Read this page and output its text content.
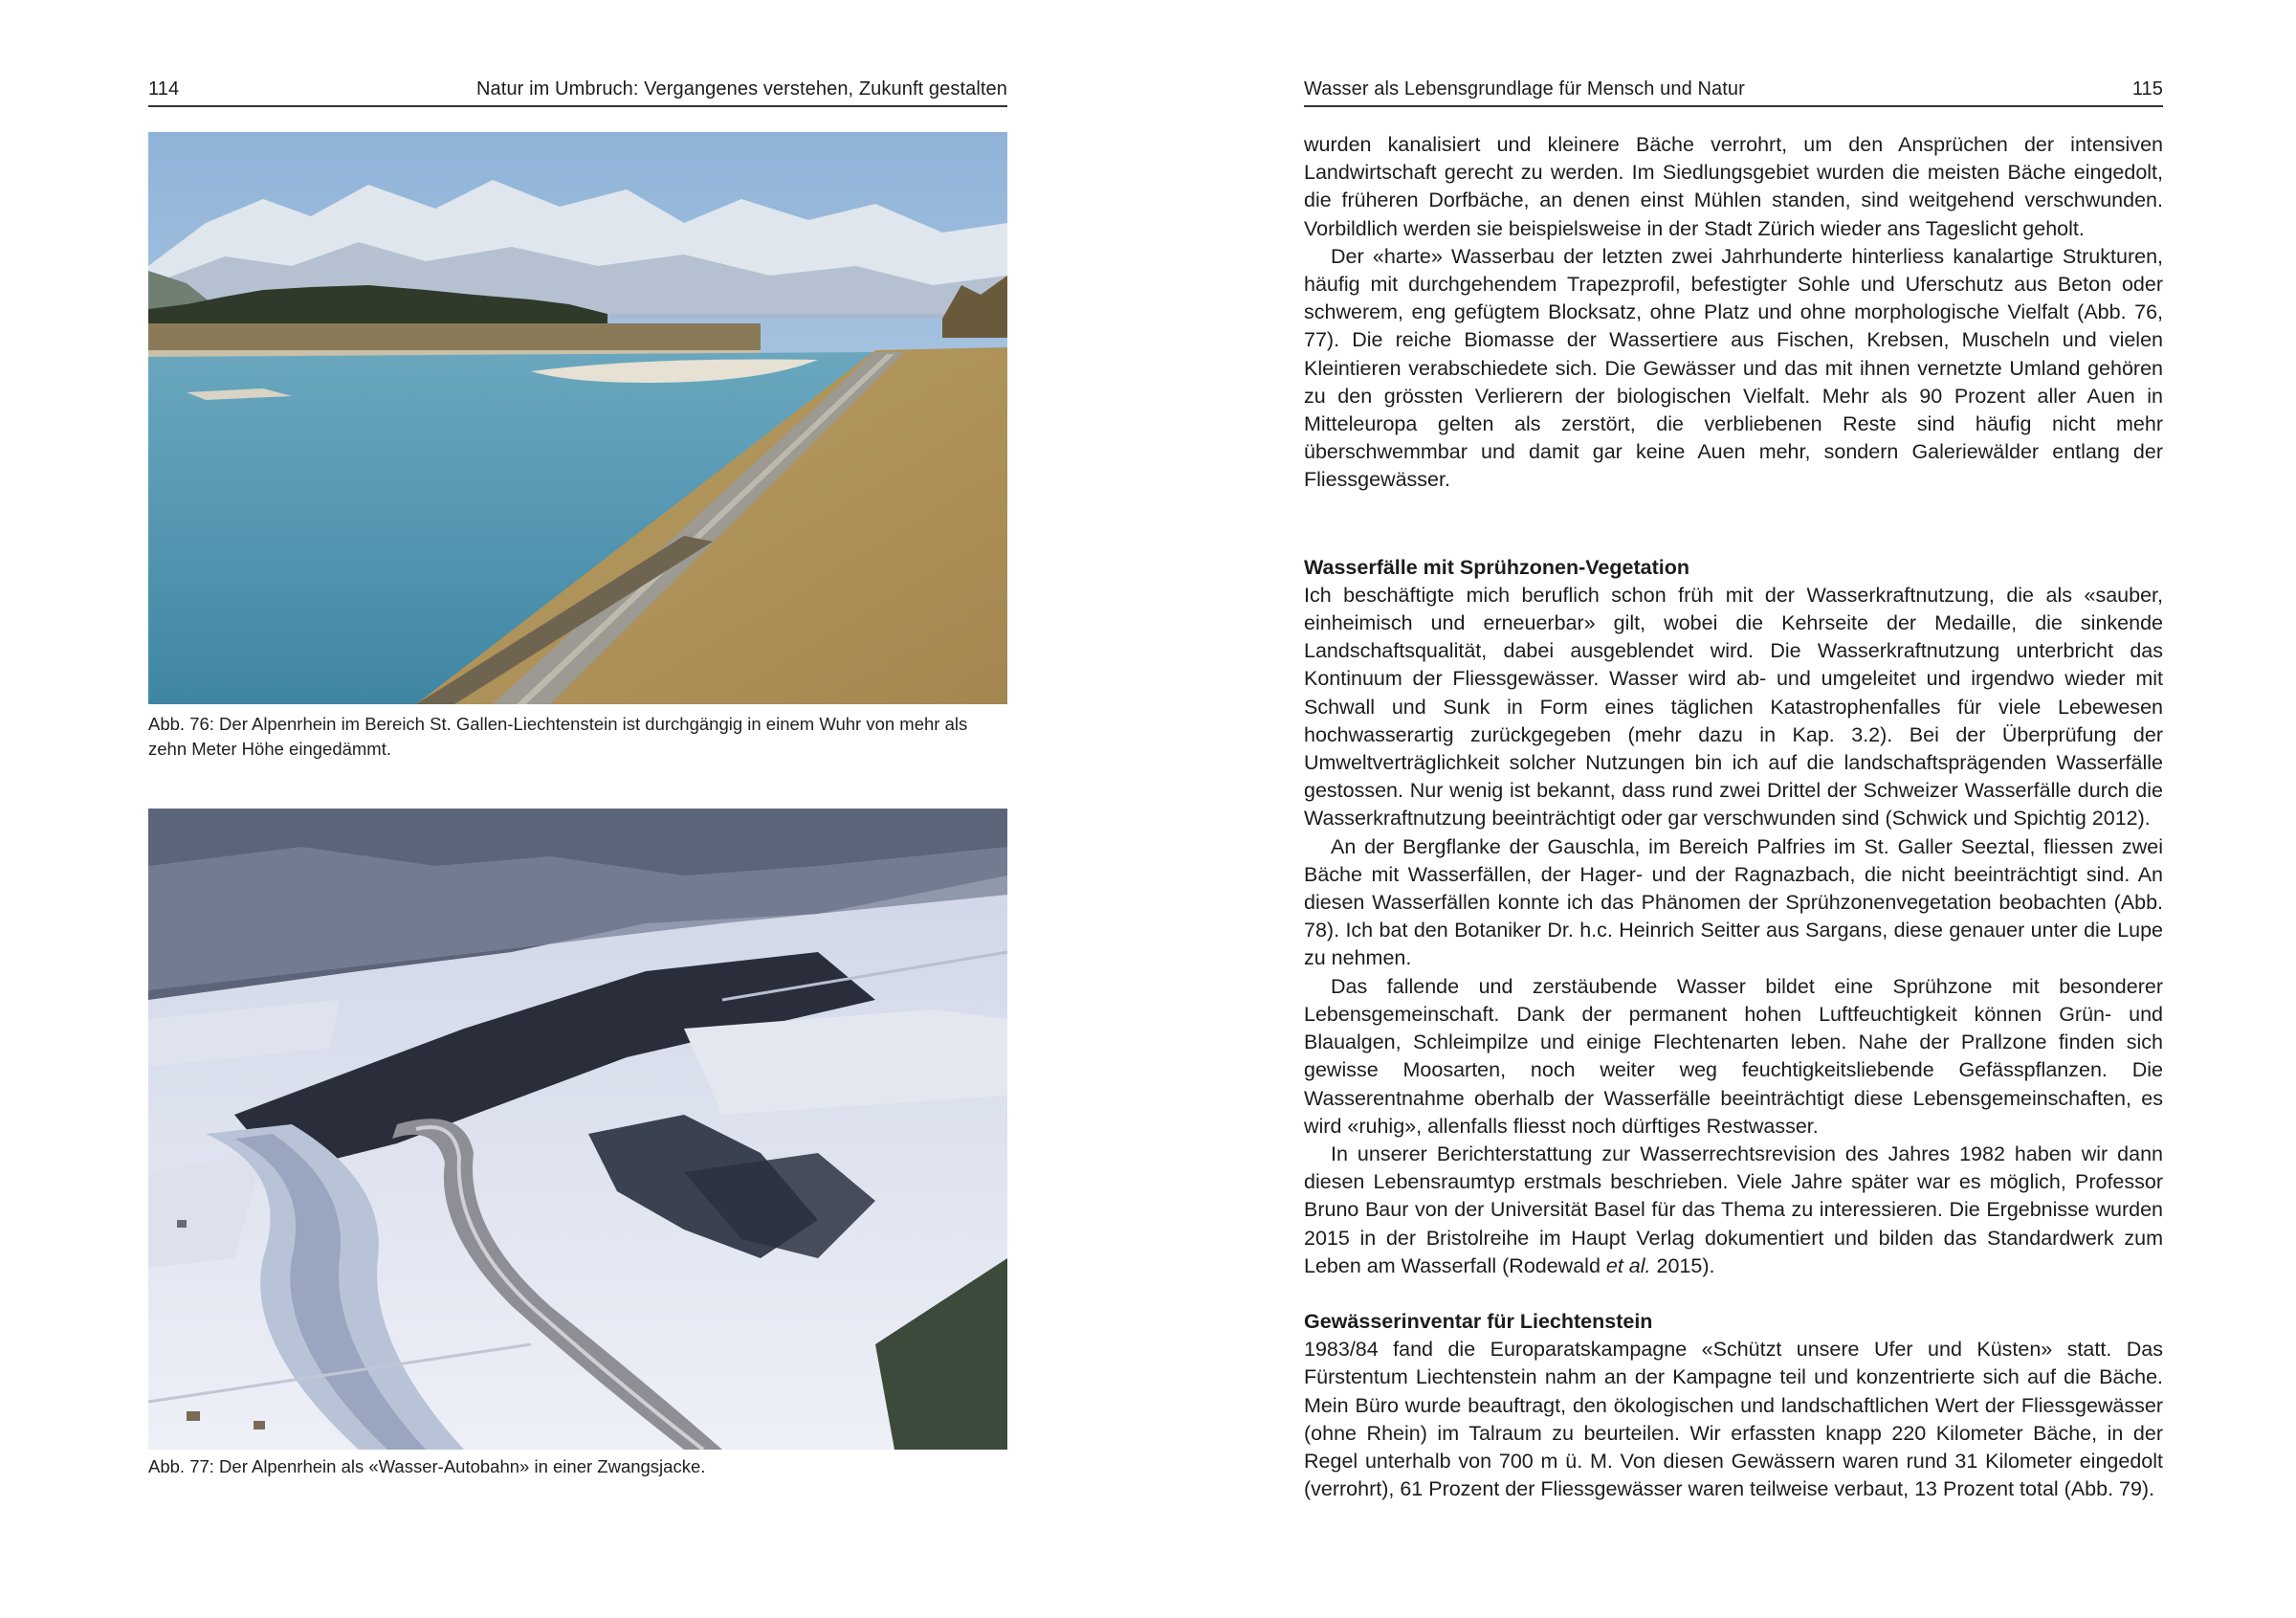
114	Natur im Umbruch: Vergangenes verstehen, Zukunft gestalten
Abb. 76: Der Alpenrhein im Bereich St. Gallen-Liechtenstein ist durchgängig in einem Wuhr von mehr als zehn Meter Höhe eingedämmt.
Abb. 77: Der Alpenrhein als «Wasser-Autobahn» in einer Zwangsjacke.
Wasser als Lebensgrundlage für Mensch und Natur	115

wurden kanalisiert und kleinere Bäche verrohrt, um den Ansprüchen der intensiven Landwirtschaft gerecht zu werden. Im Siedlungsgebiet wurden die meisten Bäche eingedolt, die früheren Dorfbäche, an denen einst Mühlen standen, sind weitgehend verschwunden. Vorbildlich werden sie beispielsweise in der Stadt Zürich wieder ans Tageslicht geholt.

Der «harte» Wasserbau der letzten zwei Jahrhunderte hinterliess kanalartige Strukturen, häufig mit durchgehendem Trapezprofil, befestigter Sohle und Uferschutz aus Beton oder schwerem, eng gefügtem Blocksatz, ohne Platz und ohne morphologische Vielfalt (Abb. 76, 77). Die reiche Biomasse der Wassertiere aus Fischen, Krebsen, Muscheln und vielen Kleintieren verabschiedete sich. Die Gewässer und das mit ihnen vernetzte Umland gehören zu den grössten Verlierern der biologischen Vielfalt. Mehr als 90 Prozent aller Auen in Mitteleuropa gelten als zerstört, die verbliebenen Reste sind häufig nicht mehr überschwemmbar und damit gar keine Auen mehr, sondern Galeriewälder entlang der Fliessgewässer.

Wasserfälle mit Sprühzonen-Vegetation

Ich beschäftigte mich beruflich schon früh mit der Wasserkraftnutzung, die als «sauber, einheimisch und erneuerbar» gilt, wobei die Kehrseite der Medaille, die sinkende Landschaftsqualität, dabei ausgeblendet wird. Die Wasserkraftnutzung unterbricht das Kontinuum der Fliessgewässer. Wasser wird ab- und umgeleitet und irgendwo wieder mit Schwall und Sunk in Form eines täglichen Katastrophenfalles für viele Lebewesen hochwasserartig zurückgegeben (mehr dazu in Kap. 3.2). Bei der Überprüfung der Umweltverträglichkeit solcher Nutzungen bin ich auf die landschaftsprägenden Wasserfälle gestossen. Nur wenig ist bekannt, dass rund zwei Drittel der Schweizer Wasserfälle durch die Wasserkraftnutzung beeinträchtigt oder gar verschwunden sind (Schwick und Spichtig 2012).

An der Bergflanke der Gauschla, im Bereich Palfries im St. Galler Seeztal, fliessen zwei Bäche mit Wasserfällen, der Hager- und der Ragnazbach, die nicht beeinträchtigt sind. An diesen Wasserfällen konnte ich das Phänomen der Sprühzonenvegetation beobachten (Abb. 78). Ich bat den Botaniker Dr. h.c. Heinrich Seitter aus Sargans, diese genauer unter die Lupe zu nehmen.

Das fallende und zerstäubende Wasser bildet eine Sprühzone mit besonderer Lebensgemeinschaft. Dank der permanent hohen Luftfeuchtigkeit können Grün- und Blaualgen, Schleimpilze und einige Flechtenarten leben. Nahe der Prallzone finden sich gewisse Moosarten, noch weiter weg feuchtigkeitsliebende Gefässpflanzen. Die Wasserentnahme oberhalb der Wasserfälle beeinträchtigt diese Lebensgemeinschaften, es wird «ruhig», allenfalls fliesst noch dürftiges Restwasser.

In unserer Berichterstattung zur Wasserrechtsrevision des Jahres 1982 haben wir dann diesen Lebensraumtyp erstmals beschrieben. Viele Jahre später war es möglich, Professor Bruno Baur von der Universität Basel für das Thema zu interessieren. Die Ergebnisse wurden 2015 in der Bristolreihe im Haupt Verlag dokumentiert und bilden das Standardwerk zum Leben am Wasserfall (Rodewald et al. 2015).

Gewässerinventar für Liechtenstein

1983/84 fand die Europaratskampagne «Schützt unsere Ufer und Küsten» statt. Das Fürstentum Liechtenstein nahm an der Kampagne teil und konzentrierte sich auf die Bäche. Mein Büro wurde beauftragt, den ökologischen und landschaftlichen Wert der Fliessgewässer (ohne Rhein) im Talraum zu beurteilen. Wir erfassten knapp 220 Kilometer Bäche, in der Regel unterhalb von 700 m ü. M. Von diesen Gewässern waren rund 31 Kilometer eingedolt (verrohrt), 61 Prozent der Fliessgewässer waren teilweise verbaut, 13 Prozent total (Abb. 79).
